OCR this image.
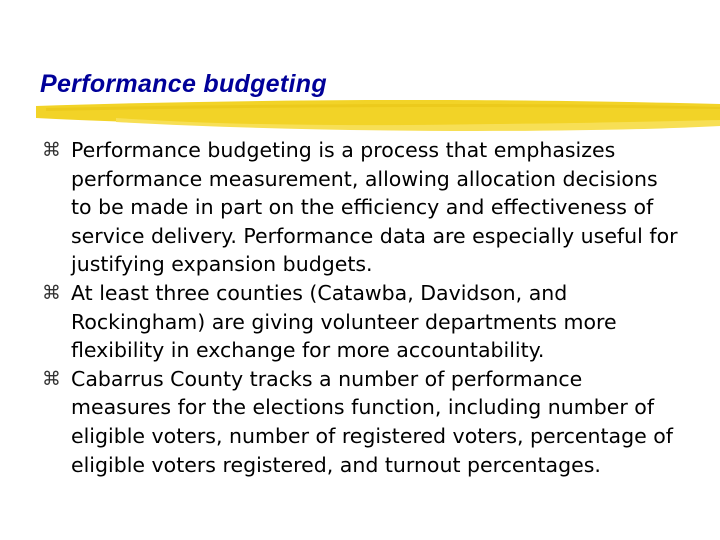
Performance budgeting
⌘ Performance budgeting is a process that emphasizes performance measurement, allowing allocation decisions to be made in part on the efficiency and effectiveness of service delivery. Performance data are especially useful for justifying expansion budgets.
⌘ At least three counties (Catawba, Davidson, and Rockingham) are giving volunteer departments more flexibility in exchange for more accountability.
⌘ Cabarrus County tracks a number of performance measures for the elections function, including number of eligible voters, number of registered voters, percentage of eligible voters registered, and turnout percentages.
